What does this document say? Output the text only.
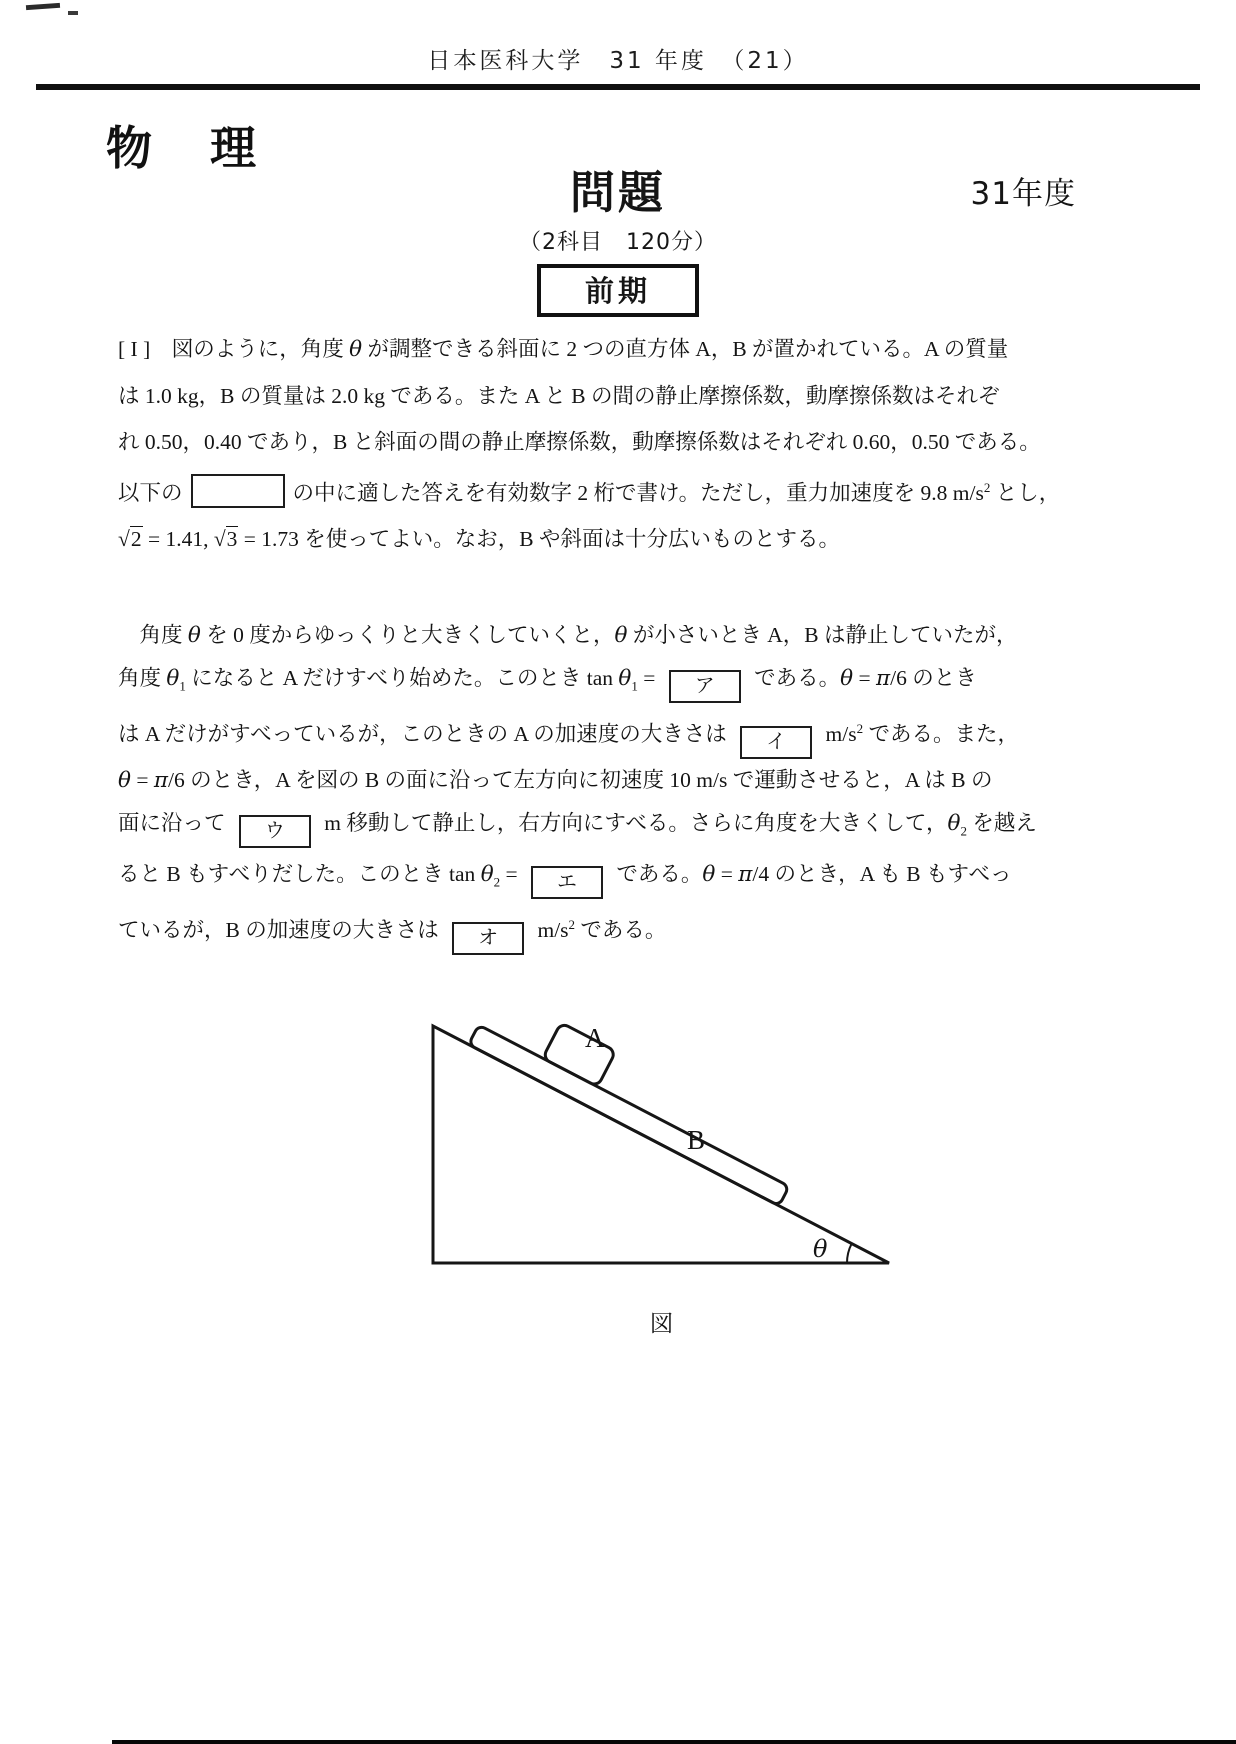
日本医科大学　31 年度　（21）
物　理
問題
（2科目　120分）
前期
31年度
[ I ]　図のように，角度 θ が調整できる斜面に 2 つの直方体 A，B が置かれている。A の質量
は 1.0 kg，B の質量は 2.0 kg である。また A と B の間の静止摩擦係数，動摩擦係数はそれぞ
れ 0.50，0.40 であり，B と斜面の間の静止摩擦係数，動摩擦係数はそれぞれ 0.60，0.50 である。
以下の	の中に適した答えを有効数字 2 桁で書け。ただし，重力加速度を 9.8 $m/s^2$ とし，
√2 = 1.41, √3 = 1.73 を使ってよい。なお，B や斜面は十分広いものとする。
　角度 θ を 0 度からゆっくりと大きくしていくと，θ が小さいとき A，B は静止していたが，
角度 $\theta_1$ になると A だけすべり始めた。このとき $\tan \theta_1$ = ア である。θ = π/6 のとき
は A だけがすべっているが，このときの A の加速度の大きさは イ $m/s^2$ である。また，
θ = π/6 のとき，A を図の B の面に沿って左方向に初速度 10 m/s で運動させると，A は B の
面に沿って ウ m 移動して静止し，右方向にすべる。さらに角度を大きくして，$\theta_2$ を越え
ると B もすべりだした。このとき $\tan \theta_2$ = エ である。θ = π/4 のとき，A も B もすべっ
ているが，B の加速度の大きさは オ $m/s^2$ である。
A
B
θ
図
